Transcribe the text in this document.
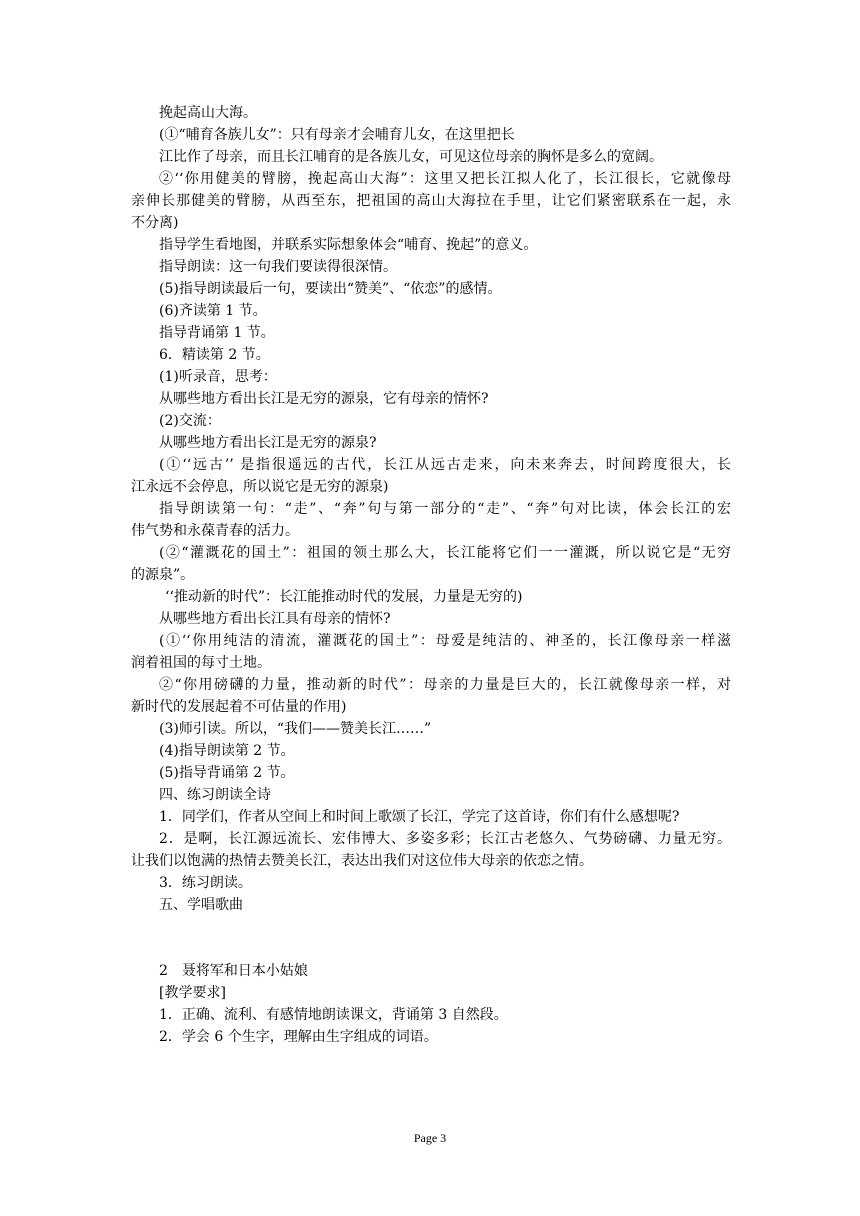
挽起高山大海。
(①“哺育各族儿女”：只有母亲才会哺育儿女，在这里把长
江比作了母亲，而且长江哺育的是各族儿女，可见这位母亲的胸怀是多么的宽阔。
②‘‘你用健美的臂膀，挽起高山大海”：这里又把长江拟人化了，长江很长，它就像母
亲伸长那健美的臂膀，从西至东，把祖国的高山大海拉在手里，让它们紧密联系在一起，永
不分离)
指导学生看地图，并联系实际想象体会“哺育、挽起”的意义。
指导朗读：这一句我们要读得很深情。
(5)指导朗读最后一句，要读出“赞美”、“依恋”的感情。
(6)齐读第 1 节。
指导背诵第 1 节。
6．精读第 2 节。
(1)听录音，思考：
从哪些地方看出长江是无穷的源泉，它有母亲的情怀?
(2)交流：
从哪些地方看出长江是无穷的源泉?
(①‘‘远古’’ 是指很遥远的古代，长江从远古走来，向未来奔去，时间跨度很大，长
江永远不会停息，所以说它是无穷的源泉)
指导朗读第一句：“走”、“奔”句与第一部分的“走”、“奔”句对比读，体会长江的宏
伟气势和永葆青春的活力。
(②“灌溉花的国土”：祖国的领土那么大，长江能将它们一一灌溉，所以说它是“无穷
的源泉”。
‘‘推动新的时代”：长江能推动时代的发展，力量是无穷的)
从哪些地方看出长江具有母亲的情怀?
(①‘‘你用纯洁的清流，灌溉花的国土”：母爱是纯洁的、神圣的，长江像母亲一样滋
润着祖国的每寸土地。
②“你用磅礴的力量，推动新的时代”：母亲的力量是巨大的，长江就像母亲一样，对
新时代的发展起着不可估量的作用)
(3)师引读。所以，“我们——赞美长江……”
(4)指导朗读第 2 节。
(5)指导背诵第 2 节。
四、练习朗读全诗
1．同学们，作者从空间上和时间上歌颂了长江，学完了这首诗，你们有什么感想呢?
2．是啊，长江源远流长、宏伟博大、多姿多彩；长江古老悠久、气势磅礴、力量无穷。
让我们以饱满的热情去赞美长江，表达出我们对这位伟大母亲的依恋之情。
3．练习朗读。
五、学唱歌曲
2　聂将军和日本小姑娘
[教学要求]
1．正确、流利、有感情地朗读课文，背诵第 3 自然段。
2．学会 6 个生字，理解由生字组成的词语。
Page 3
